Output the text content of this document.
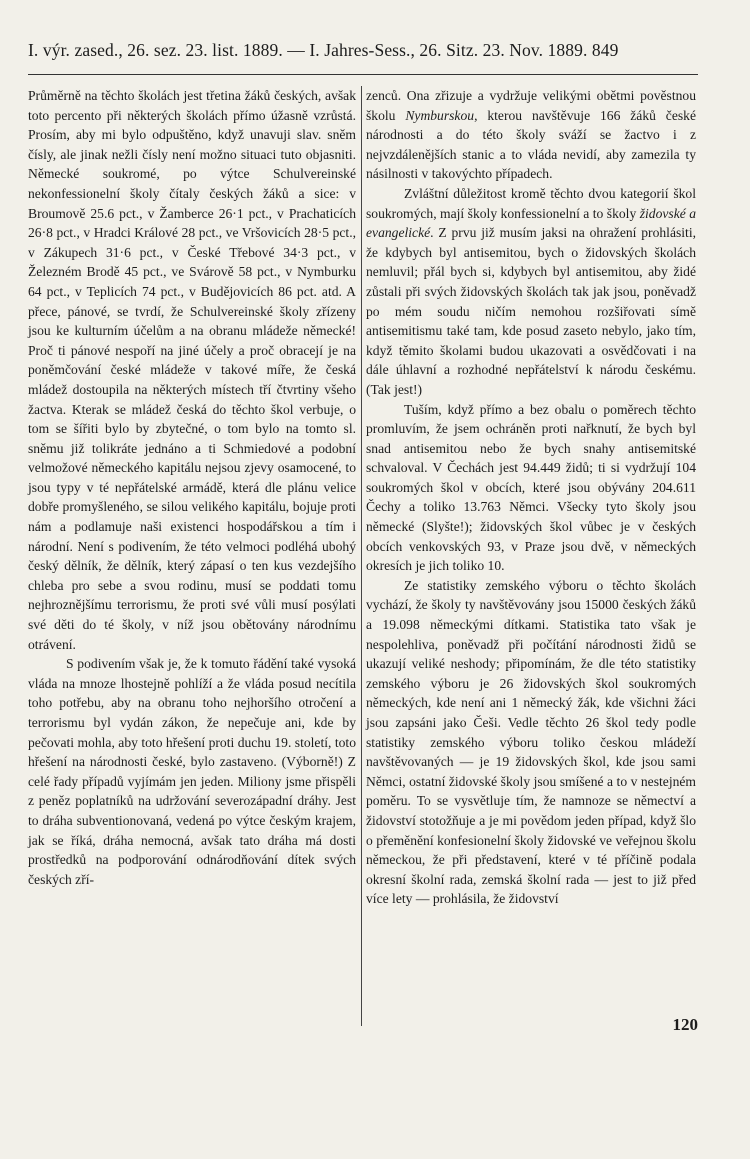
I. výr. zased., 26. sez. 23. list. 1889. — I. Jahres-Sess., 26. Sitz. 23. Nov. 1889. 849

Průměrně na těchto školách jest třetina žáků českých, avšak toto percento při některých školách přímo úžasně vzrůstá. Prosím, aby mi bylo odpuštěno, když unavuji slav. sněm čísly, ale jinak nežli čísly není možno situaci tuto objasniti. Německé soukromé, po výtce Schulvereinské nekonfessionelní školy čítaly českých žáků a sice: v Broumově 25.6 pct., v Žamberce 26·1 pct., v Prachaticích 26·8 pct., v Hradci Králové 28 pct., ve Vršovicích 28·5 pct., v Zákupech 31·6 pct., v České Třebové 34·3 pct., v Železném Brodě 45 pct., ve Svárově 58 pct., v Nymburku 64 pct., v Teplicích 74 pct., v Budějovicích 86 pct. atd. A přece, pánové, se tvrdí, že Schulvereinské školy zřízeny jsou ke kulturním účelům a na obranu mládeže německé! Proč ti pánové nespoří na jiné účely a proč obracejí je na poněmčování české mládeže v takové míře, že česká mládež dostoupila na některých místech tří čtvrtiny všeho žactva. Kterak se mládež česká do těchto škol verbuje, o tom se šířiti bylo by zbytečné, o tom bylo na tomto sl. sněmu již tolikráte jednáno a ti Schmiedové a podobní velmožové německého kapitálu nejsou zjevy osamocené, to jsou typy v té nepřátelské armádě, která dle plánu velice dobře promyšleného, se silou velikého kapitálu, bojuje proti nám a podlamuje naši existenci hospodářskou a tím i národní. Není s podivením, že této velmoci podléhá ubohý český dělník, že dělník, který zápasí o ten kus vezdejšího chleba pro sebe a svou rodinu, musí se poddati tomu nejhroznějšímu terrorismu, že proti své vůli musí posýlati své děti do té školy, v níž jsou obětovány národnímu otrávení.

S podivením však je, že k tomuto řádění také vysoká vláda na mnoze lhostejně pohlíží a že vláda posud necítila toho potřebu, aby na obranu toho nejhoršího otročení a terrorismu byl vydán zákon, že nepečuje ani, kde by pečovati mohla, aby toto hřešení proti duchu 19. století, toto hřešení na národnosti české, bylo zastaveno. (Výborně!) Z celé řady případů vyjímám jen jeden. Miliony jsme přispěli z peněz poplatníků na udržování severozápadní dráhy. Jest to dráha subventionovaná, vedená po výtce českým krajem, jak se říká, dráha nemocná, avšak tato dráha má dosti prostředků na podporování odnárodňování dítek svých českých zří-

zenců. Ona zřizuje a vydržuje velikými obětmi pověstnou školu Nymburskou, kterou navštěvuje 166 žáků české národnosti a do této školy sváží se žactvo i z nejvzdálenějších stanic a to vláda nevidí, aby zamezila ty násilnosti v takovýchto případech.

Zvláštní důležitost kromě těchto dvou kategorií škol soukromých, mají školy konfessionelní a to školy židovské a evangelické. Z prvu již musím jaksi na ohražení prohlásiti, že kdybych byl antisemitou, bych o židovských školách nemluvil; přál bych si, kdybych byl antisemitou, aby židé zůstali při svých židovských školách tak jak jsou, poněvadž po mém soudu ničím nemohou rozšiřovati símě antisemitismu také tam, kde posud zaseto nebylo, jako tím, když těmito školami budou ukazovati a osvědčovati i na dále úhlavní a rozhodné nepřátelství k národu českému. (Tak jest!)

Tuším, když přímo a bez obalu o poměrech těchto promluvím, že jsem ochráněn proti nařknutí, že bych byl snad antisemitou nebo že bych snahy antisemitské schvaloval. V Čechách jest 94.449 židů; ti si vydržují 104 soukromých škol v obcích, které jsou obývány 204.611 Čechy a toliko 13.763 Němci. Všecky tyto školy jsou německé (Slyšte!); židovských škol vůbec je v českých obcích venkovských 93, v Praze jsou dvě, v německých okresích je jich toliko 10.

Ze statistiky zemského výboru o těchto školách vychází, že školy ty navštěvovány jsou 15000 českých žáků a 19.098 německými dítkami. Statistika tato však je nespolehliva, poněvadž při počítání národnosti židů se ukazují veliké neshody; připomínám, že dle této statistiky zemského výboru je 26 židovských škol soukromých německých, kde není ani 1 německý žák, kde všichni žáci jsou zapsáni jako Češi. Vedle těchto 26 škol tedy podle statistiky zemského výboru toliko českou mládeží navštěvovaných — je 19 židovských škol, kde jsou sami Němci, ostatní židovské školy jsou smíšené a to v nestejném poměru. To se vysvětluje tím, že namnoze se němectví a židovství stotožňuje a je mi povědom jeden případ, když šlo o přeměnění konfesionelní školy židovské ve veřejnou školu německou, že při představení, které v té příčině podala okresní školní rada, zemská školní rada — jest to již před více lety — prohlásila, že židovství

120
